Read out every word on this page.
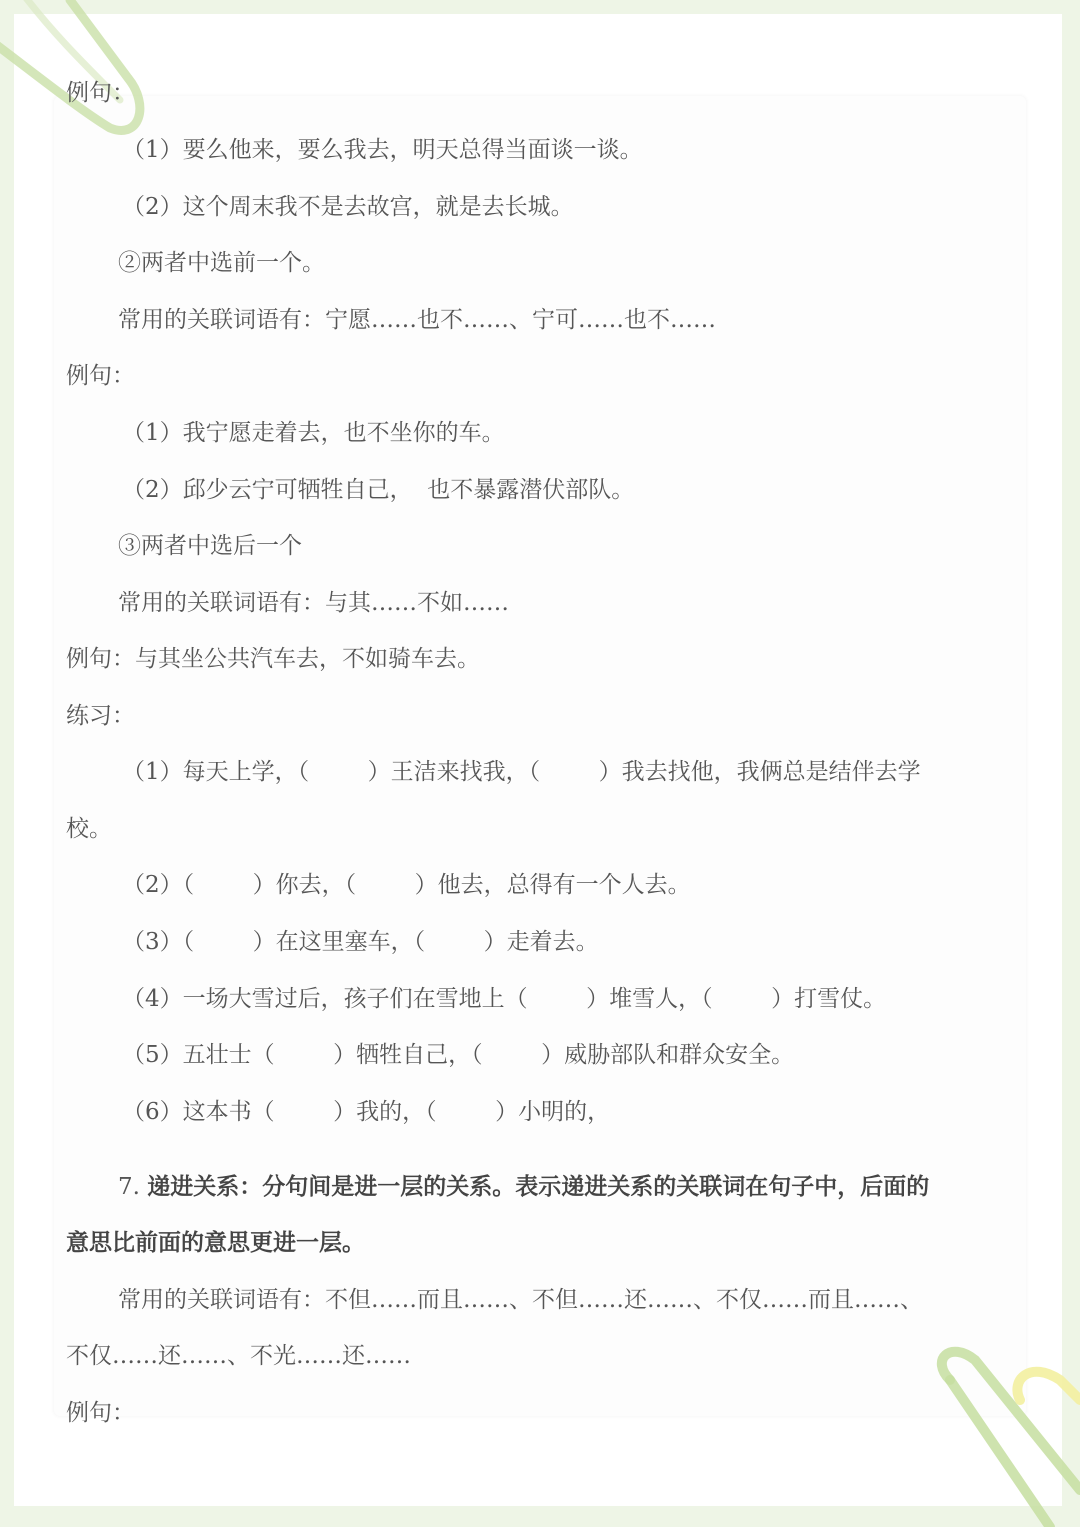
例句：
（1）要么他来，要么我去，明天总得当面谈一谈。
（2）这个周末我不是去故宫，就是去长城。
②两者中选前一个。
常用的关联词语有：宁愿……也不……、宁可……也不……
例句：
（1）我宁愿走着去，也不坐你的车。
（2）邱少云宁可牺牲自己，  也不暴露潜伏部队。
③两者中选后一个
常用的关联词语有：与其……不如……
例句：与其坐公共汽车去，不如骑车去。
练习：
（1）每天上学，（        ）王洁来找我，（        ）我去找他，我俩总是结伴去学
校。
（2）（        ）你去，（        ）他去，总得有一个人去。
（3）（        ）在这里塞车，（        ）走着去。
（4）一场大雪过后，孩子们在雪地上（        ）堆雪人，（        ）打雪仗。
（5）五壮士（        ）牺牲自己，（        ）威胁部队和群众安全。
（6）这本书（        ）我的，（        ）小明的，
7. 递进关系：分句间是进一层的关系。表示递进关系的关联词在句子中，后面的
意思比前面的意思更进一层。
常用的关联词语有：不但……而且……、不但……还……、不仅……而且……、
不仅……还……、不光……还……
例句：
